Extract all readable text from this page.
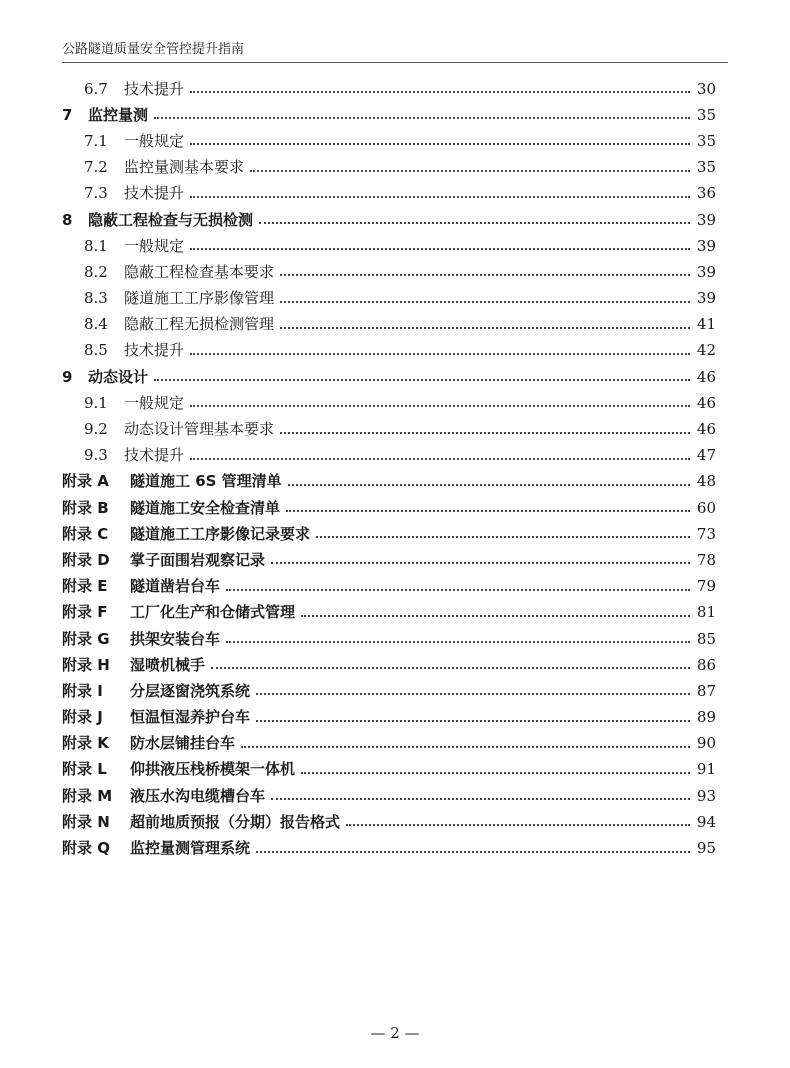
公路隧道质量安全管控提升指南
6.7	技术提升	30
7	监控量测	35
7.1	一般规定	35
7.2	监控量测基本要求	35
7.3	技术提升	36
8	隐蔽工程检查与无损检测	39
8.1	一般规定	39
8.2	隐蔽工程检查基本要求	39
8.3	隧道施工工序影像管理	39
8.4	隐蔽工程无损检测管理	41
8.5	技术提升	42
9	动态设计	46
9.1	一般规定	46
9.2	动态设计管理基本要求	46
9.3	技术提升	47
附录 A	隧道施工 6S 管理清单	48
附录 B	隧道施工安全检查清单	60
附录 C	隧道施工工序影像记录要求	73
附录 D	掌子面围岩观察记录	78
附录 E	隧道凿岩台车	79
附录 F	工厂化生产和仓储式管理	81
附录 G	拱架安装台车	85
附录 H	湿喷机械手	86
附录 I	分层逐窗浇筑系统	87
附录 J	恒温恒湿养护台车	89
附录 K	防水层铺挂台车	90
附录 L	仰拱液压栈桥模架一体机	91
附录 M	液压水沟电缆槽台车	93
附录 N	超前地质预报（分期）报告格式	94
附录 Q	监控量测管理系统	95
— 2 —
